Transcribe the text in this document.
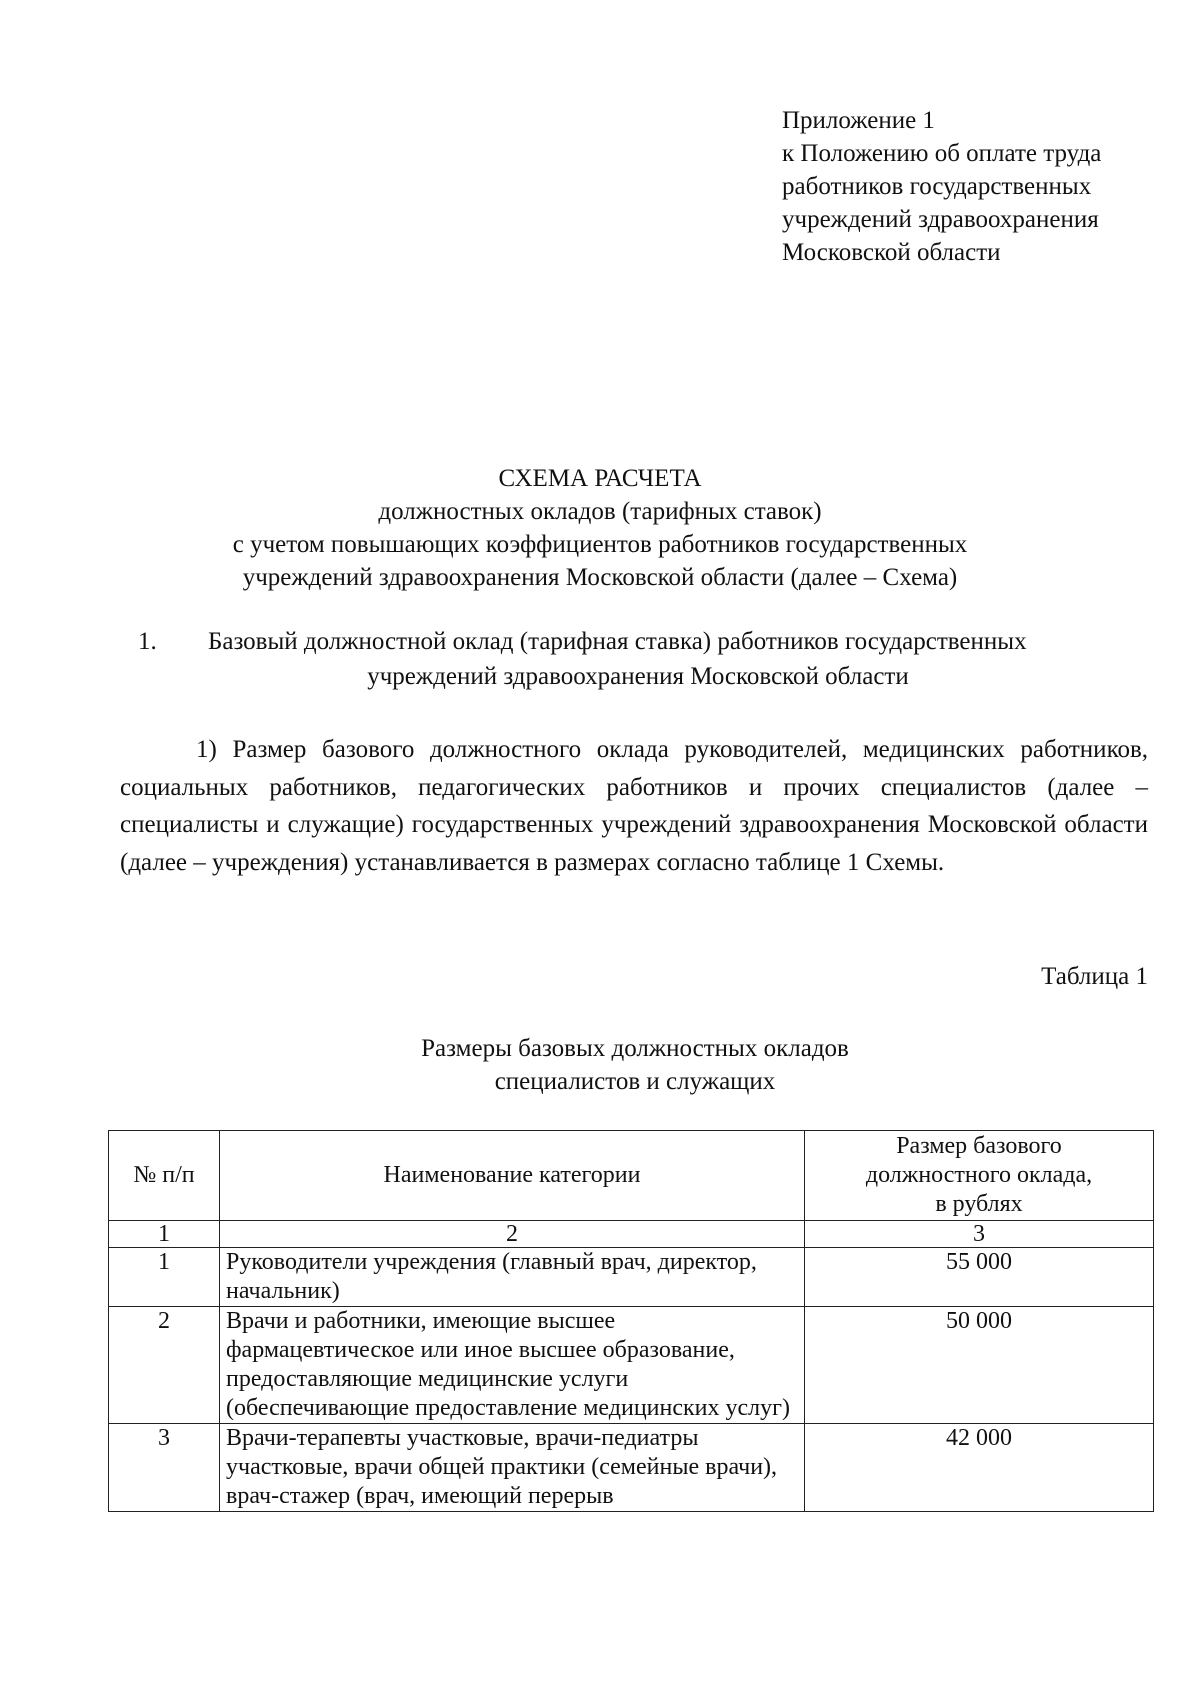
Приложение 1
к Положению об оплате труда
работников государственных
учреждений здравоохранения
Московской области
СХЕМА РАСЧЕТА
должностных окладов (тарифных ставок)
с учетом повышающих коэффициентов работников государственных
учреждений здравоохранения Московской области (далее – Схема)
1. Базовый должностной оклад (тарифная ставка) работников государственных
учреждений здравоохранения Московской области
1) Размер базового должностного оклада руководителей, медицинских работников, социальных работников, педагогических работников и прочих специалистов (далее – специалисты и служащие) государственных учреждений здравоохранения Московской области (далее – учреждения) устанавливается в размерах согласно таблице 1 Схемы.
Таблица 1
Размеры базовых должностных окладов
специалистов и служащих
№ п/п	Наименование категории	Размер базового
должностного оклада,
в рублях

1	2	3
1	Руководители учреждения (главный врач, директор, начальник)	55 000
2	Врачи и работники, имеющие высшее фармацевтическое или иное высшее образование, предоставляющие медицинские услуги (обеспечивающие предоставление медицинских услуг)	50 000
3	Врачи-терапевты участковые, врачи-педиатры участковые, врачи общей практики (семейные врачи), врач-стажер (врач, имеющий перерыв	42 000
